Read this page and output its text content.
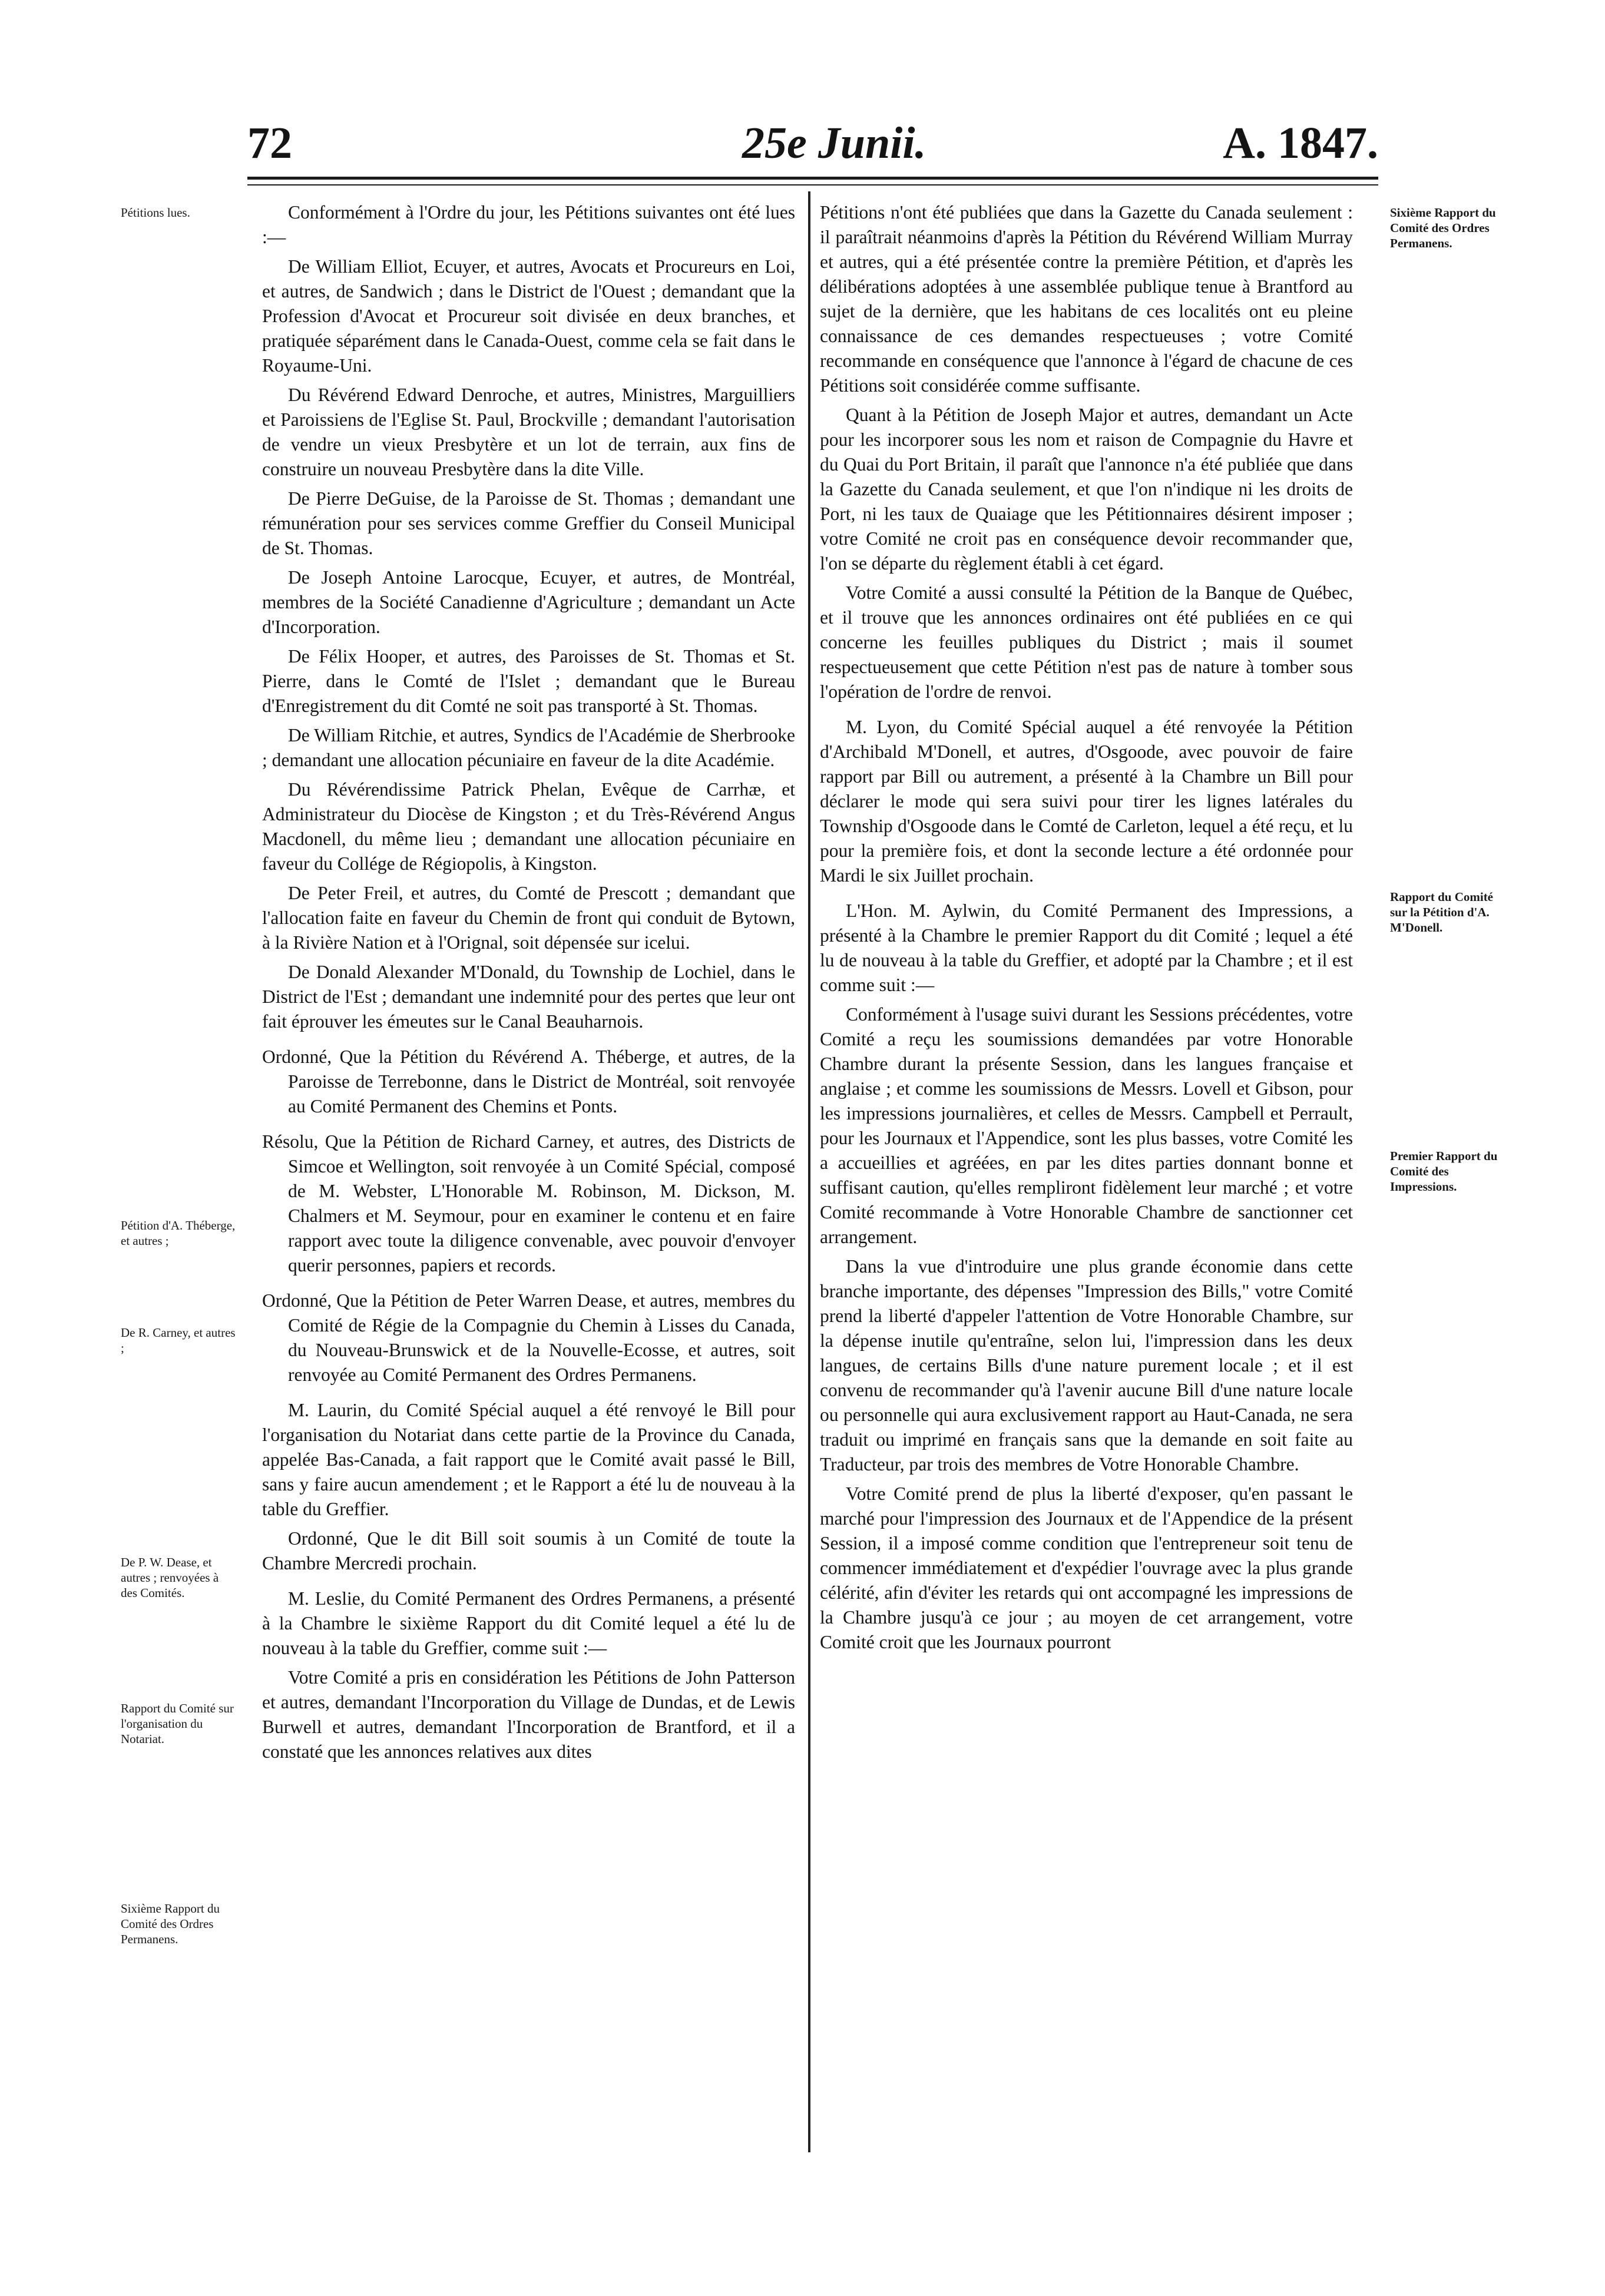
72	25e Junii.	A. 1847.
Pétitions lues.
Pétition d'A. Théberge, et autres ;
De R. Carney, et autres ;
De P. W. Dease, et autres ; renvoyées à des Comités.
Rapport du Comité sur l'organisation du Notariat.
Sixième Rapport du Comité des Ordres Permanens.
Sixième Rapport du Comité des Ordres Permanens.
Rapport du Comité sur la Pétition d'A. M'Donell.
Premier Rapport du Comité des Impressions.

Conformément à l'Ordre du jour, les Pétitions suivantes ont été lues :—

De William Elliot, Ecuyer, et autres, Avocats et Procureurs en Loi, et autres, de Sandwich ; dans le District de l'Ouest ; demandant que la Profession d'Avocat et Procureur soit divisée en deux branches, et pratiquée séparément dans le Canada-Ouest, comme cela se fait dans le Royaume-Uni.

Du Révérend Edward Denroche, et autres, Ministres, Marguilliers et Paroissiens de l'Eglise St. Paul, Brockville ; demandant l'autorisation de vendre un vieux Presbytère et un lot de terrain, aux fins de construire un nouveau Presbytère dans la dite Ville.

De Pierre DeGuise, de la Paroisse de St. Thomas ; demandant une rémunération pour ses services comme Greffier du Conseil Municipal de St. Thomas.

De Joseph Antoine Larocque, Ecuyer, et autres, de Montréal, membres de la Société Canadienne d'Agriculture ; demandant un Acte d'Incorporation.

De Félix Hooper, et autres, des Paroisses de St. Thomas et St. Pierre, dans le Comté de l'Islet ; demandant que le Bureau d'Enregistrement du dit Comté ne soit pas transporté à St. Thomas.

De William Ritchie, et autres, Syndics de l'Académie de Sherbrooke ; demandant une allocation pécuniaire en faveur de la dite Académie.

Du Révérendissime Patrick Phelan, Evêque de Carrhæ, et Administrateur du Diocèse de Kingston ; et du Très-Révérend Angus Macdonell, du même lieu ; demandant une allocation pécuniaire en faveur du Collége de Régiopolis, à Kingston.

De Peter Freil, et autres, du Comté de Prescott ; demandant que l'allocation faite en faveur du Chemin de front qui conduit de Bytown, à la Rivière Nation et à l'Orignal, soit dépensée sur icelui.

De Donald Alexander M'Donald, du Township de Lochiel, dans le District de l'Est ; demandant une indemnité pour des pertes que leur ont fait éprouver les émeutes sur le Canal Beauharnois.

Ordonné, Que la Pétition du Révérend A. Théberge, et autres, de la Paroisse de Terrebonne, dans le District de Montréal, soit renvoyée au Comité Permanent des Chemins et Ponts.

Résolu, Que la Pétition de Richard Carney, et autres, des Districts de Simcoe et Wellington, soit renvoyée à un Comité Spécial, composé de M. Webster, L'Honorable M. Robinson, M. Dickson, M. Chalmers et M. Seymour, pour en examiner le contenu et en faire rapport avec toute la diligence convenable, avec pouvoir d'envoyer querir personnes, papiers et records.

Ordonné, Que la Pétition de Peter Warren Dease, et autres, membres du Comité de Régie de la Compagnie du Chemin à Lisses du Canada, du Nouveau-Brunswick et de la Nouvelle-Ecosse, et autres, soit renvoyée au Comité Permanent des Ordres Permanens.

M. Laurin, du Comité Spécial auquel a été renvoyé le Bill pour l'organisation du Notariat dans cette partie de la Province du Canada, appelée Bas-Canada, a fait rapport que le Comité avait passé le Bill, sans y faire aucun amendement ; et le Rapport a été lu de nouveau à la table du Greffier.

Ordonné, Que le dit Bill soit soumis à un Comité de toute la Chambre Mercredi prochain.

M. Leslie, du Comité Permanent des Ordres Permanens, a présenté à la Chambre le sixième Rapport du dit Comité lequel a été lu de nouveau à la table du Greffier, comme suit :—

Votre Comité a pris en considération les Pétitions de John Patterson et autres, demandant l'Incorporation du Village de Dundas, et de Lewis Burwell et autres, demandant l'Incorporation de Brantford, et il a constaté que les annonces relatives aux dites

Pétitions n'ont été publiées que dans la Gazette du Canada seulement : il paraîtrait néanmoins d'après la Pétition du Révérend William Murray et autres, qui a été présentée contre la première Pétition, et d'après les délibérations adoptées à une assemblée publique tenue à Brantford au sujet de la dernière, que les habitans de ces localités ont eu pleine connaissance de ces demandes respectueuses ; votre Comité recommande en conséquence que l'annonce à l'égard de chacune de ces Pétitions soit considérée comme suffisante.

Quant à la Pétition de Joseph Major et autres, demandant un Acte pour les incorporer sous les nom et raison de Compagnie du Havre et du Quai du Port Britain, il paraît que l'annonce n'a été publiée que dans la Gazette du Canada seulement, et que l'on n'indique ni les droits de Port, ni les taux de Quaiage que les Pétitionnaires désirent imposer ; votre Comité ne croit pas en conséquence devoir recommander que, l'on se départe du règlement établi à cet égard.

Votre Comité a aussi consulté la Pétition de la Banque de Québec, et il trouve que les annonces ordinaires ont été publiées en ce qui concerne les feuilles publiques du District ; mais il soumet respectueusement que cette Pétition n'est pas de nature à tomber sous l'opération de l'ordre de renvoi.

M. Lyon, du Comité Spécial auquel a été renvoyée la Pétition d'Archibald M'Donell, et autres, d'Osgoode, avec pouvoir de faire rapport par Bill ou autrement, a présenté à la Chambre un Bill pour déclarer le mode qui sera suivi pour tirer les lignes latérales du Township d'Osgoode dans le Comté de Carleton, lequel a été reçu, et lu pour la première fois, et dont la seconde lecture a été ordonnée pour Mardi le six Juillet prochain.

L'Hon. M. Aylwin, du Comité Permanent des Impressions, a présenté à la Chambre le premier Rapport du dit Comité ; lequel a été lu de nouveau à la table du Greffier, et adopté par la Chambre ; et il est comme suit :—

Conformément à l'usage suivi durant les Sessions précédentes, votre Comité a reçu les soumissions demandées par votre Honorable Chambre durant la présente Session, dans les langues française et anglaise ; et comme les soumissions de Messrs. Lovell et Gibson, pour les impressions journalières, et celles de Messrs. Campbell et Perrault, pour les Journaux et l'Appendice, sont les plus basses, votre Comité les a accueillies et agréées, en par les dites parties donnant bonne et suffisant caution, qu'elles rempliront fidèlement leur marché ; et votre Comité recommande à Votre Honorable Chambre de sanctionner cet arrangement.

Dans la vue d'introduire une plus grande économie dans cette branche importante, des dépenses "Impression des Bills," votre Comité prend la liberté d'appeler l'attention de Votre Honorable Chambre, sur la dépense inutile qu'entraîne, selon lui, l'impression dans les deux langues, de certains Bills d'une nature purement locale ; et il est convenu de recommander qu'à l'avenir aucune Bill d'une nature locale ou personnelle qui aura exclusivement rapport au Haut-Canada, ne sera traduit ou imprimé en français sans que la demande en soit faite au Traducteur, par trois des membres de Votre Honorable Chambre.

Votre Comité prend de plus la liberté d'exposer, qu'en passant le marché pour l'impression des Journaux et de l'Appendice de la présent Session, il a imposé comme condition que l'entrepreneur soit tenu de commencer immédiatement et d'expédier l'ouvrage avec la plus grande célérité, afin d'éviter les retards qui ont accompagné les impressions de la Chambre jusqu'à ce jour ; au moyen de cet arrangement, votre Comité croit que les Journaux pourront
